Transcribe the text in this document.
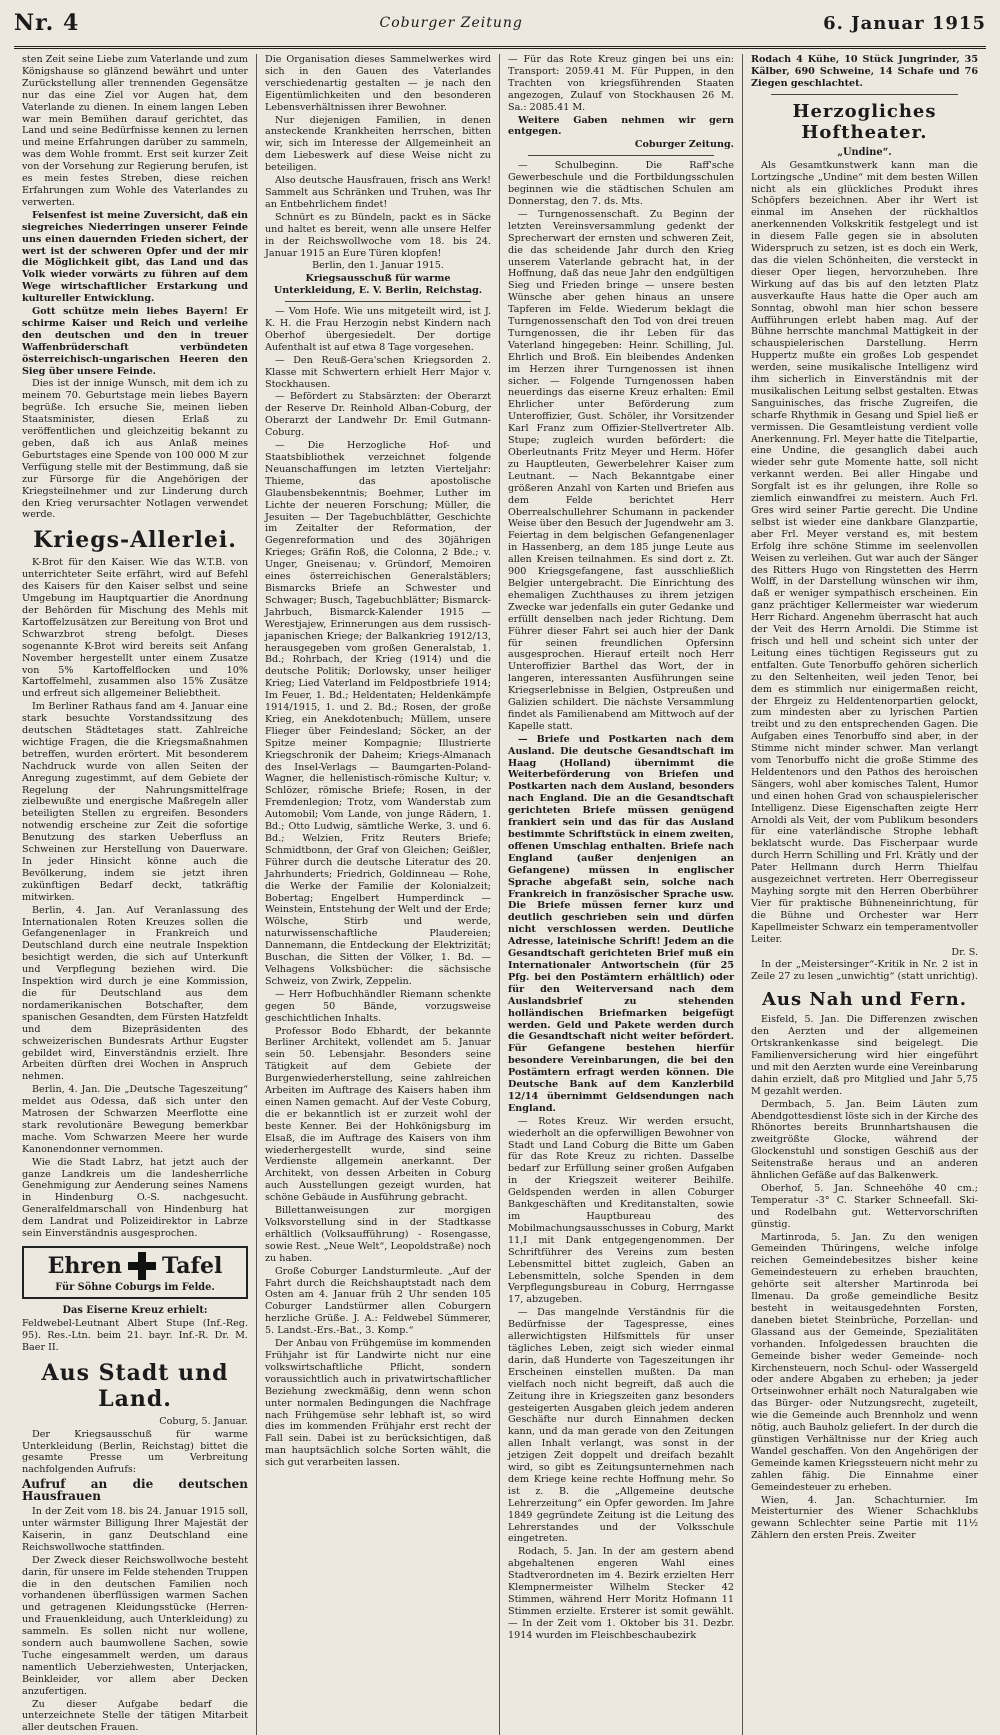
Nr. 4	Coburger Zeitung	6. Januar 1915

sten Zeit seine Liebe zum Vaterlande und zum Königshause so glänzend bewährt und unter Zurückstellung aller trennenden Gegensätze nur das eine Ziel vor Augen hat, dem Vaterlande zu dienen. In einem langen Leben war mein Bemühen darauf gerichtet, das Land und seine Bedürfnisse kennen zu lernen und meine Erfahrungen darüber zu sammeln, was dem Wohle frommt. Erst seit kurzer Zeit von der Vorsehung zur Regierung berufen, ist es mein festes Streben, diese reichen Erfahrungen zum Wohle des Vaterlandes zu verwerten.

Felsenfest ist meine Zuversicht, daß ein siegreiches Niederringen unserer Feinde uns einen dauernden Frieden sichert, der wert ist der schweren Opfer und der mir die Möglichkeit gibt, das Land und das Volk wieder vorwärts zu führen auf dem Wege wirtschaftlicher Erstarkung und kultureller Entwicklung.

Gott schütze mein liebes Bayern! Er schirme Kaiser und Reich und verleihe den deutschen und den in treuer Waffenbrüderschaft verbündeten österreichisch-ungarischen Heeren den Sieg über unsere Feinde.

Dies ist der innige Wunsch, mit dem ich zu meinem 70. Geburtstage mein liebes Bayern begrüße. Ich ersuche Sie, meinen lieben Staatsminister, diesen Erlaß zu veröffentlichen und gleichzeitig bekannt zu geben, daß ich aus Anlaß meines Geburtstages eine Spende von 100 000 M zur Verfügung stelle mit der Bestimmung, daß sie zur Fürsorge für die Angehörigen der Kriegsteilnehmer und zur Linderung durch den Krieg verursachter Notlagen verwendet werde.

Kriegs-Allerlei.

K-Brot für den Kaiser. Wie das W.T.B. von unterrichteter Seite erfährt, wird auf Befehl des Kaisers für den Kaiser selbst und seine Umgebung im Hauptquartier die Anordnung der Behörden für Mischung des Mehls mit Kartoffelzusätzen zur Bereitung von Brot und Schwarzbrot streng befolgt. Dieses sogenannte K-Brot wird bereits seit Anfang November hergestellt unter einem Zusatze von 5% Kartoffelflocken und 10% Kartoffelmehl, zusammen also 15% Zusätze und erfreut sich allgemeiner Beliebtheit.

Im Berliner Rathaus fand am 4. Januar eine stark besuchte Vorstandssitzung des deutschen Städtetages statt. Zahlreiche wichtige Fragen, die die Kriegsmaßnahmen betreffen, wurden erörtert. Mit besonderem Nachdruck wurde von allen Seiten der Anregung zugestimmt, auf dem Gebiete der Regelung der Nahrungsmittelfrage zielbewußte und energische Maßregeln aller beteiligten Stellen zu ergreifen. Besonders notwendig erscheine zur Zeit die sofortige Benutzung des starken Ueberfluss an Schweinen zur Herstellung von Dauerware. In jeder Hinsicht könne auch die Bevölkerung, indem sie jetzt ihren zukünftigen Bedarf deckt, tatkräftig mitwirken.

Berlin, 4. Jan. Auf Veranlassung des Internationalen Roten Kreuzes sollen die Gefangenenlager in Frankreich und Deutschland durch eine neutrale Inspektion besichtigt werden, die sich auf Unterkunft und Verpflegung beziehen wird. Die Inspektion wird durch je eine Kommission, die für Deutschland aus dem nordamerikanischen Botschafter, dem spanischen Gesandten, dem Fürsten Hatzfeldt und dem Bizepräsidenten des schweizerischen Bundesrats Arthur Eugster gebildet wird, Einverständnis erzielt. Ihre Arbeiten dürften drei Wochen in Anspruch nehmen.

Berlin, 4. Jan. Die „Deutsche Tageszeitung“ meldet aus Odessa, daß sich unter den Matrosen der Schwarzen Meerflotte eine stark revolutionäre Bewegung bemerkbar mache. Vom Schwarzen Meere her wurde Kanonendonner vernommen.

Wie die Stadt Labrz, hat jetzt auch der ganze Landkreis um die landesherrliche Genehmigung zur Aenderung seines Namens in Hindenburg O.-S. nachgesucht. Generalfeldmarschall von Hindenburg hat dem Landrat und Polizeidirektor in Labrze sein Einverständnis ausgesprochen.

Ehren Tafel
Für Söhne Coburgs im Felde.
Das Eiserne Kreuz erhielt:

Feldwebel-Leutnant Albert Stupe (Inf.-Reg. 95). Res.-Ltn. beim 21. bayr. Inf.-R. Dr. M. Baer II.

Aus Stadt und Land.

Coburg, 5. Januar.

Der Kriegsausschuß für warme Unterkleidung (Berlin, Reichstag) bittet die gesamte Presse um Verbreitung nachfolgenden Aufrufs:

Aufruf an die deutschen Hausfrauen

In der Zeit vom 18. bis 24. Januar 1915 soll, unter wärmster Billigung Ihrer Majestät der Kaiserin, in ganz Deutschland eine Reichswollwoche stattfinden.

Der Zweck dieser Reichswollwoche besteht darin, für unsere im Felde stehenden Truppen die in den deutschen Familien noch vorhandenen überflüssigen warmen Sachen und getragenen Kleidungsstücke (Herren- und Frauenkleidung, auch Unterkleidung) zu sammeln. Es sollen nicht nur wollene, sondern auch baumwollene Sachen, sowie Tuche eingesammelt werden, um daraus namentlich Ueberziehwesten, Unterjacken, Beinkleider, vor allem aber Decken anzufertigen.

Zu dieser Aufgabe bedarf die unterzeichnete Stelle der tätigen Mitarbeit aller deutschen Frauen.

Die Organisation dieses Sammelwerkes wird sich in den Gauen des Vaterlandes verschiedenartig gestalten — je nach den Eigentümlichkeiten und den besonderen Lebensverhältnissen ihrer Bewohner.

Nur diejenigen Familien, in denen ansteckende Krankheiten herrschen, bitten wir, sich im Interesse der Allgemeinheit an dem Liebeswerk auf diese Weise nicht zu beteiligen.

Also deutsche Hausfrauen, frisch ans Werk! Sammelt aus Schränken und Truhen, was Ihr an Entbehrlichem findet!

Schnürt es zu Bündeln, packt es in Säcke und haltet es bereit, wenn alle unsere Helfer in der Reichswollwoche vom 18. bis 24. Januar 1915 an Eure Türen klopfen!

Berlin, den 1. Januar 1915.

Kriegsausschuß für warme Unterkleidung, E. V. Berlin, Reichstag.

— Vom Hofe. Wie uns mitgeteilt wird, ist J. K. H. die Frau Herzogin nebst Kindern nach Oberhof übergesiedelt. Der dortige Aufenthalt ist auf etwa 8 Tage vorgesehen.

— Den Reuß-Gera'schen Kriegsorden 2. Klasse mit Schwertern erhielt Herr Major v. Stockhausen.

— Befördert zu Stabsärzten: der Oberarzt der Reserve Dr. Reinhold Alban-Coburg, der Oberarzt der Landwehr Dr. Emil Gutmann-Coburg.

— Die Herzogliche Hof- und Staatsbibliothek verzeichnet folgende Neuanschaffungen im letzten Vierteljahr: Thieme, das apostolische Glaubensbekenntnis; Boehmer, Luther im Lichte der neueren Forschung; Müller, die Jesuiten — Der Tagebuchblätter, Geschichte im Zeitalter der Reformation, der Gegenreformation und des 30jährigen Krieges; Gräfin Roß, die Colonna, 2 Bde.; v. Unger, Gneisenau; v. Gründorf, Memoiren eines österreichischen Generalstäblers; Bismarcks Briefe an Schwester und Schwager; Busch, Tagebuchblätter; Bismarck-Jahrbuch, Bismarck-Kalender 1915 — Werestjajew, Erinnerungen aus dem russisch-japanischen Kriege; der Balkankrieg 1912/13, herausgegeben vom großen Generalstab, 1. Bd.; Rohrbach, der Krieg (1914) und die deutsche Politik; Dorlowsky, unser heiliger Krieg; Lied Vaterland im Feldpostbriefe 1914; Im Feuer, 1. Bd.; Heldentaten; Heldenkämpfe 1914/1915, 1. und 2. Bd.; Rosen, der große Krieg, ein Anekdotenbuch; Müllem, unsere Flieger über Feindesland; Söcker, an der Spitze meiner Kompagnie; Illustrierte Kriegschronik der Daheim; Kriegs-Almanach des Insel-Verlags — Baumgarten-Poland-Wagner, die hellenistisch-römische Kultur; v. Schlözer, römische Briefe; Rosen, in der Fremdenlegion; Trotz, vom Wanderstab zum Automobil; Vom Lande, von junge Rädern, 1. Bd.; Otto Ludwig, sämtliche Werke, 3. und 6. Bd.; Welzien, Fritz Reuters Briefe; Schmidtbonn, der Graf von Gleichen; Geißler, Führer durch die deutsche Literatur des 20. Jahrhunderts; Friedrich, Goldinneau — Rohe, die Werke der Familie der Kolonialzeit; Bobertag; Engelbert Humperdinck — Weinstein, Entstehung der Welt und der Erde; Wölsche, Stirb und werde, naturwissenschaftliche Plaudereien; Dannemann, die Entdeckung der Elektrizität; Buschan, die Sitten der Völker, 1. Bd. — Velhagens Volksbücher: die sächsische Schweiz, von Zwirk, Zeppelin.

— Herr Hofbuchhändler Riemann schenkte gegen 50 Bände, vorzugsweise geschichtlichen Inhalts.

Professor Bodo Ebhardt, der bekannte Berliner Architekt, vollendet am 5. Januar sein 50. Lebensjahr. Besonders seine Tätigkeit auf dem Gebiete der Burgenwiederherstellung, seine zahlreichen Arbeiten im Auftrage des Kaisers haben ihm einen Namen gemacht. Auf der Veste Coburg, die er bekanntlich ist er zurzeit wohl der beste Kenner. Bei der Hohkönigsburg im Elsaß, die im Auftrage des Kaisers von ihm wiederhergestellt wurde, sind seine Verdienste allgemein anerkannt. Der Architekt, von dessen Arbeiten in Coburg auch Ausstellungen gezeigt wurden, hat schöne Gebäude in Ausführung gebracht.

Billettanweisungen zur morgigen Volksvorstellung sind in der Stadtkasse erhältlich (Volksaufführung) - Rosengasse, sowie Rest. „Neue Welt“, Leopoldstraße) noch zu haben.

Große Coburger Landsturmleute. „Auf der Fahrt durch die Reichshauptstadt nach dem Osten am 4. Januar früh 2 Uhr senden 105 Coburger Landstürmer allen Coburgern herzliche Grüße. J. A.: Feldwebel Sümmerer, 5. Landst.-Ers.-Bat., 3. Komp.“

Der Anbau von Frühgemüse im kommenden Frühjahr ist für Landwirte nicht nur eine volkswirtschaftliche Pflicht, sondern voraussichtlich auch in privatwirtschaftlicher Beziehung zweckmäßig, denn wenn schon unter normalen Bedingungen die Nachfrage nach Frühgemüse sehr lebhaft ist, so wird dies im kommenden Frühjahr erst recht der Fall sein. Dabei ist zu berücksichtigen, daß man hauptsächlich solche Sorten wählt, die sich gut verarbeiten lassen.

— Für das Rote Kreuz gingen bei uns ein: Transport: 2059.41 M. Für Puppen, in den Trachten von kriegsführenden Staaten angezogen, Zulauf von Stockhausen 26 M. Sa.: 2085.41 M.

Weitere Gaben nehmen wir gern entgegen.

Coburger Zeitung.

— Schulbeginn. Die Raff'sche Gewerbeschule und die Fortbildungsschulen beginnen wie die städtischen Schulen am Donnerstag, den 7. ds. Mts.

— Turngenossenschaft. Zu Beginn der letzten Vereinsversammlung gedenkt der Sprecherwart der ernsten und schweren Zeit, die das scheidende Jahr durch den Krieg unserem Vaterlande gebracht hat, in der Hoffnung, daß das neue Jahr den endgültigen Sieg und Frieden bringe — unsere besten Wünsche aber gehen hinaus an unsere Tapferen im Felde. Wiederum beklagt die Turngenossenschaft den Tod von drei treuen Turngenossen, die ihr Leben für das Vaterland hingegeben: Heinr. Schilling, Jul. Ehrlich und Broß. Ein bleibendes Andenken im Herzen ihrer Turngenossen ist ihnen sicher. — Folgende Turngenossen haben neuerdings das eiserne Kreuz erhalten: Emil Ehrlicher unter Beförderung zum Unteroffizier, Gust. Schöler, ihr Vorsitzender Karl Franz zum Offizier-Stellvertreter Alb. Stupe; zugleich wurden befördert: die Oberleutnants Fritz Meyer und Herm. Höfer zu Hauptleuten, Gewerbelehrer Kaiser zum Leutnant. — Nach Bekanntgabe einer größeren Anzahl von Karten und Briefen aus dem Felde berichtet Herr Oberrealschullehrer Schumann in packender Weise über den Besuch der Jugendwehr am 3. Feiertag in dem belgischen Gefangenenlager in Hassenberg, an dem 185 junge Leute aus allen Kreisen teilnahmen. Es sind dort z. Zt. 900 Kriegsgefangene, fast ausschließlich Belgier untergebracht. Die Einrichtung des ehemaligen Zuchthauses zu ihrem jetzigen Zwecke war jedenfalls ein guter Gedanke und erfüllt denselben nach jeder Richtung. Dem Führer dieser Fahrt sei auch hier der Dank für seinen freundlichen Opfersinn ausgesprochen. Hierauf erteilt noch Herr Unteroffizier Barthel das Wort, der in langeren, interessanten Ausführungen seine Kriegserlebnisse in Belgien, Ostpreußen und Galizien schildert. Die nächste Versammlung findet als Familienabend am Mittwoch auf der Kapelle statt.

— Briefe und Postkarten nach dem Ausland. Die deutsche Gesandtschaft im Haag (Holland) übernimmt die Weiterbeförderung von Briefen und Postkarten nach dem Ausland, besonders nach England. Die an die Gesandtschaft gerichteten Briefe müssen genügend frankiert sein und das für das Ausland bestimmte Schriftstück in einem zweiten, offenen Umschlag enthalten. Briefe nach England (außer denjenigen an Gefangene) müssen in englischer Sprache abgefaßt sein, solche nach Frankreich in französischer Sprache usw. Die Briefe müssen ferner kurz und deutlich geschrieben sein und dürfen nicht verschlossen werden. Deutliche Adresse, lateinische Schrift! Jedem an die Gesandtschaft gerichteten Brief muß ein Internationaler Antwortschein (für 25 Pfg. bei den Postämtern erhältlich) oder für den Weiterversand nach dem Auslandsbrief zu stehenden holländischen Briefmarken beigefügt werden. Geld und Pakete werden durch die Gesandtschaft nicht weiter befördert. Für Gefangene bestehen hierfür besondere Vereinbarungen, die bei den Postämtern erfragt werden können. Die Deutsche Bank auf dem Kanzlerbild 12/14 übernimmt Geldsendungen nach England.

— Rotes Kreuz. Wir werden ersucht, wiederholt an die opferwilligen Bewohner von Stadt und Land Coburg die Bitte um Gaben für das Rote Kreuz zu richten. Dasselbe bedarf zur Erfüllung seiner großen Aufgaben in der Kriegszeit weiterer Beihilfe. Geldspenden werden in allen Coburger Bankgeschäften und Kreditanstalten, sowie im Hauptbureau des Mobilmachungsausschusses in Coburg, Markt 11,I mit Dank entgegengenommen. Der Schriftführer des Vereins zum besten Lebensmittel bittet zugleich, Gaben an Lebensmitteln, solche Spenden in dem Verpflegungsbureau in Coburg, Herrngasse 17, abzugeben.

— Das mangelnde Verständnis für die Bedürfnisse der Tagespresse, eines allerwichtigsten Hilfsmittels für unser tägliches Leben, zeigt sich wieder einmal darin, daß Hunderte von Tageszeitungen ihr Erscheinen einstellen mußten. Da man vielfach noch nicht begreift, daß auch die Zeitung ihre in Kriegszeiten ganz besonders gesteigerten Ausgaben gleich jedem anderen Geschäfte nur durch Einnahmen decken kann, und da man gerade von den Zeitungen allen Inhalt verlangt, was sonst in der jetzigen Zeit doppelt und dreifach bezahlt wird, so gibt es Zeitungsunternehmen nach dem Kriege keine rechte Hoffnung mehr. So ist z. B. die „Allgemeine deutsche Lehrerzeitung“ ein Opfer geworden. Im Jahre 1849 gegründete Zeitung ist die Leitung des Lehrerstandes und der Volksschule eingetreten.

Rodach, 5. Jan. In der am gestern abend abgehaltenen engeren Wahl eines Stadtverordneten im 4. Bezirk erzielten Herr Klempnermeister Wilhelm Stecker 42 Stimmen, während Herr Moritz Hofmann 11 Stimmen erzielte. Ersterer ist somit gewählt. — In der Zeit vom 1. Oktober bis 31. Dezbr. 1914 wurden im Fleischbeschaubezirk

Rodach 4 Kühe, 10 Stück Jungrinder, 35 Kälber, 690 Schweine, 14 Schafe und 76 Ziegen geschlachtet.

Herzogliches Hoftheater.
„Undine“.

Als Gesamtkunstwerk kann man die Lortzingsche „Undine“ mit dem besten Willen nicht als ein glückliches Produkt ihres Schöpfers bezeichnen. Aber ihr Wert ist einmal im Ansehen der rückhaltlos anerkennenden Volkskritik festgelegt und ist in diesem Falle gegen sie in absoluten Widerspruch zu setzen, ist es doch ein Werk, das die vielen Schönheiten, die versteckt in dieser Oper liegen, hervorzuheben. Ihre Wirkung auf das bis auf den letzten Platz ausverkaufte Haus hatte die Oper auch am Sonntag, obwohl man hier schon bessere Aufführungen erlebt haben mag. Auf der Bühne herrschte manchmal Mattigkeit in der schauspielerischen Darstellung. Herrn Huppertz mußte ein großes Lob gespendet werden, seine musikalische Intelligenz wird ihm sicherlich in Einverständnis mit der musikalischen Leitung selbst gestalten. Etwas Sanguinisches, das frische Zugreifen, die scharfe Rhythmik in Gesang und Spiel ließ er vermissen. Die Gesamtleistung verdient volle Anerkennung. Frl. Meyer hatte die Titelpartie, eine Undine, die gesanglich dabei auch wieder sehr gute Momente hatte, soll nicht verkannt werden. Bei aller Hingabe und Sorgfalt ist es ihr gelungen, ihre Rolle so ziemlich einwandfrei zu meistern. Auch Frl. Gres wird seiner Partie gerecht. Die Undine selbst ist wieder eine dankbare Glanzpartie, aber Frl. Meyer verstand es, mit bestem Erfolg ihre schöne Stimme im seelenvollen Weisen zu verleihen. Gut war auch der Sänger des Ritters Hugo von Ringstetten des Herrn Wolff, in der Darstellung wünschen wir ihm, daß er weniger sympathisch erscheinen. Ein ganz prächtiger Kellermeister war wiederum Herr Richard. Angenehm überrascht hat auch der Veit des Herrn Arnoldi. Die Stimme ist frisch und hell und scheint sich unter der Leitung eines tüchtigen Regisseurs gut zu entfalten. Gute Tenorbuffo gehören sicherlich zu den Seltenheiten, weil jeden Tenor, bei dem es stimmlich nur einigermaßen reicht, der Ehrgeiz zu Heldentenorpartien gelockt, zum mindesten aber zu lyrischen Partien treibt und zu den entsprechenden Gagen. Die Aufgaben eines Tenorbuffo sind aber, in der Stimme nicht minder schwer. Man verlangt vom Tenorbuffo nicht die große Stimme des Heldentenors und den Pathos des heroischen Sängers, wohl aber komisches Talent, Humor und einen hohen Grad von schauspielerischer Intelligenz. Diese Eigenschaften zeigte Herr Arnoldi als Veit, der vom Publikum besonders für eine vaterländische Strophe lebhaft beklatscht wurde. Das Fischerpaar wurde durch Herrn Schilling und Frl. Krätly und der Pater Hellmann durch Herrn Thielfau ausgezeichnet vertreten. Herr Oberregisseur Mayhing sorgte mit den Herren Oberbührer Vier für praktische Bühneneinrichtung, für die Bühne und Orchester war Herr Kapellmeister Schwarz ein temperamentvoller Leiter.

Dr. S.

In der „Meistersinger“-Kritik in Nr. 2 ist in Zeile 27 zu lesen „unwichtig“ (statt unrichtig).

Aus Nah und Fern.

Eisfeld, 5. Jan. Die Differenzen zwischen den Aerzten und der allgemeinen Ortskrankenkasse sind beigelegt. Die Familienversicherung wird hier eingeführt und mit den Aerzten wurde eine Vereinbarung dahin erzielt, daß pro Mitglied und Jahr 5,75 M gezahlt werden.

Dermbach, 5. Jan. Beim Läuten zum Abendgottesdienst löste sich in der Kirche des Rhönortes bereits Brunnhartshausen die zweitgrößte Glocke, während der Glockenstuhl und sonstigen Geschiß aus der Seitenstraße heraus und an anderen ähnlichen Gefäße auf das Balkenwerk.

Oberhof, 5. Jan. Schneehöhe 40 cm.; Temperatur -3° C. Starker Schneefall. Ski- und Rodelbahn gut. Wettervorschriften günstig.

Martinroda, 5. Jan. Zu den wenigen Gemeinden Thüringens, welche infolge reichen Gemeindebesitzes bisher keine Gemeindesteuern zu erheben brauchten, gehörte seit altersher Martinroda bei Ilmenau. Da große gemeindliche Besitz besteht in weitausgedehnten Forsten, daneben bietet Steinbrüche, Porzellan- und Glassand aus der Gemeinde, Spezialitäten vorhanden. Infolgedessen brauchten die Gemeinde bisher weder Gemeinde- noch Kirchensteuern, noch Schul- oder Wassergeld oder andere Abgaben zu erheben; ja jeder Ortseinwohner erhält noch Naturalgaben wie das Bürger- oder Nutzungsrecht, zugeteilt, wie die Gemeinde auch Brennholz und wenn nötig, auch Bauholz geliefert. In der durch die günstigen Verhältnisse nur der Krieg auch Wandel geschaffen. Von den Angehörigen der Gemeinde kamen Kriegssteuern nicht mehr zu zahlen fähig. Die Einnahme einer Gemeindesteuer zu erheben.

Wien, 4. Jan. Schachturnier. Im Meisterturnier des Wiener Schachklubs gewann Schlechter seine Partie mit 11½ Zählern den ersten Preis. Zweiter
